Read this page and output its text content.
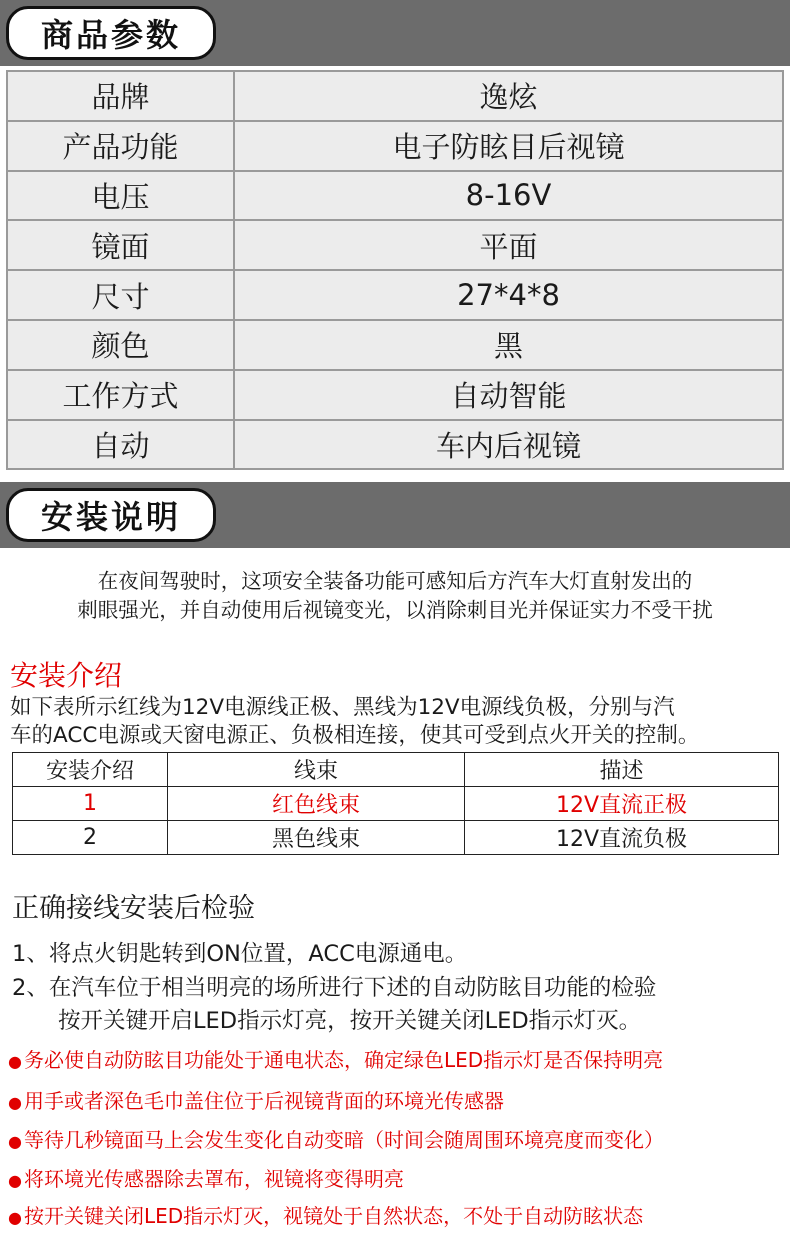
商品参数
品牌	逸炫
产品功能	电子防眩目后视镜
电压	8-16V
镜面	平面
尺寸	27*4*8
颜色	黑
工作方式	自动智能
自动	车内后视镜
安装说明
在夜间驾驶时，这项安全装备功能可感知后方汽车大灯直射发出的
刺眼强光，并自动使用后视镜变光，以消除刺目光并保证实力不受干扰
安装介绍
如下表所示红线为12V电源线正极、黑线为12V电源线负极，分别与汽
车的ACC电源或天窗电源正、负极相连接，使其可受到点火开关的控制。
安装介绍	线束	描述
1	红色线束	12V直流正极
2	黑色线束	12V直流负极
正确接线安装后检验
1、将点火钥匙转到ON位置，ACC电源通电。
2、在汽车位于相当明亮的场所进行下述的自动防眩目功能的检验
按开关键开启LED指示灯亮，按开关键关闭LED指示灯灭。
● 务必使自动防眩目功能处于通电状态，确定绿色LED指示灯是否保持明亮
● 用手或者深色毛巾盖住位于后视镜背面的环境光传感器
● 等待几秒镜面马上会发生变化自动变暗（时间会随周围环境亮度而变化）
● 将环境光传感器除去罩布，视镜将变得明亮
● 按开关键关闭LED指示灯灭，视镜处于自然状态，不处于自动防眩状态
